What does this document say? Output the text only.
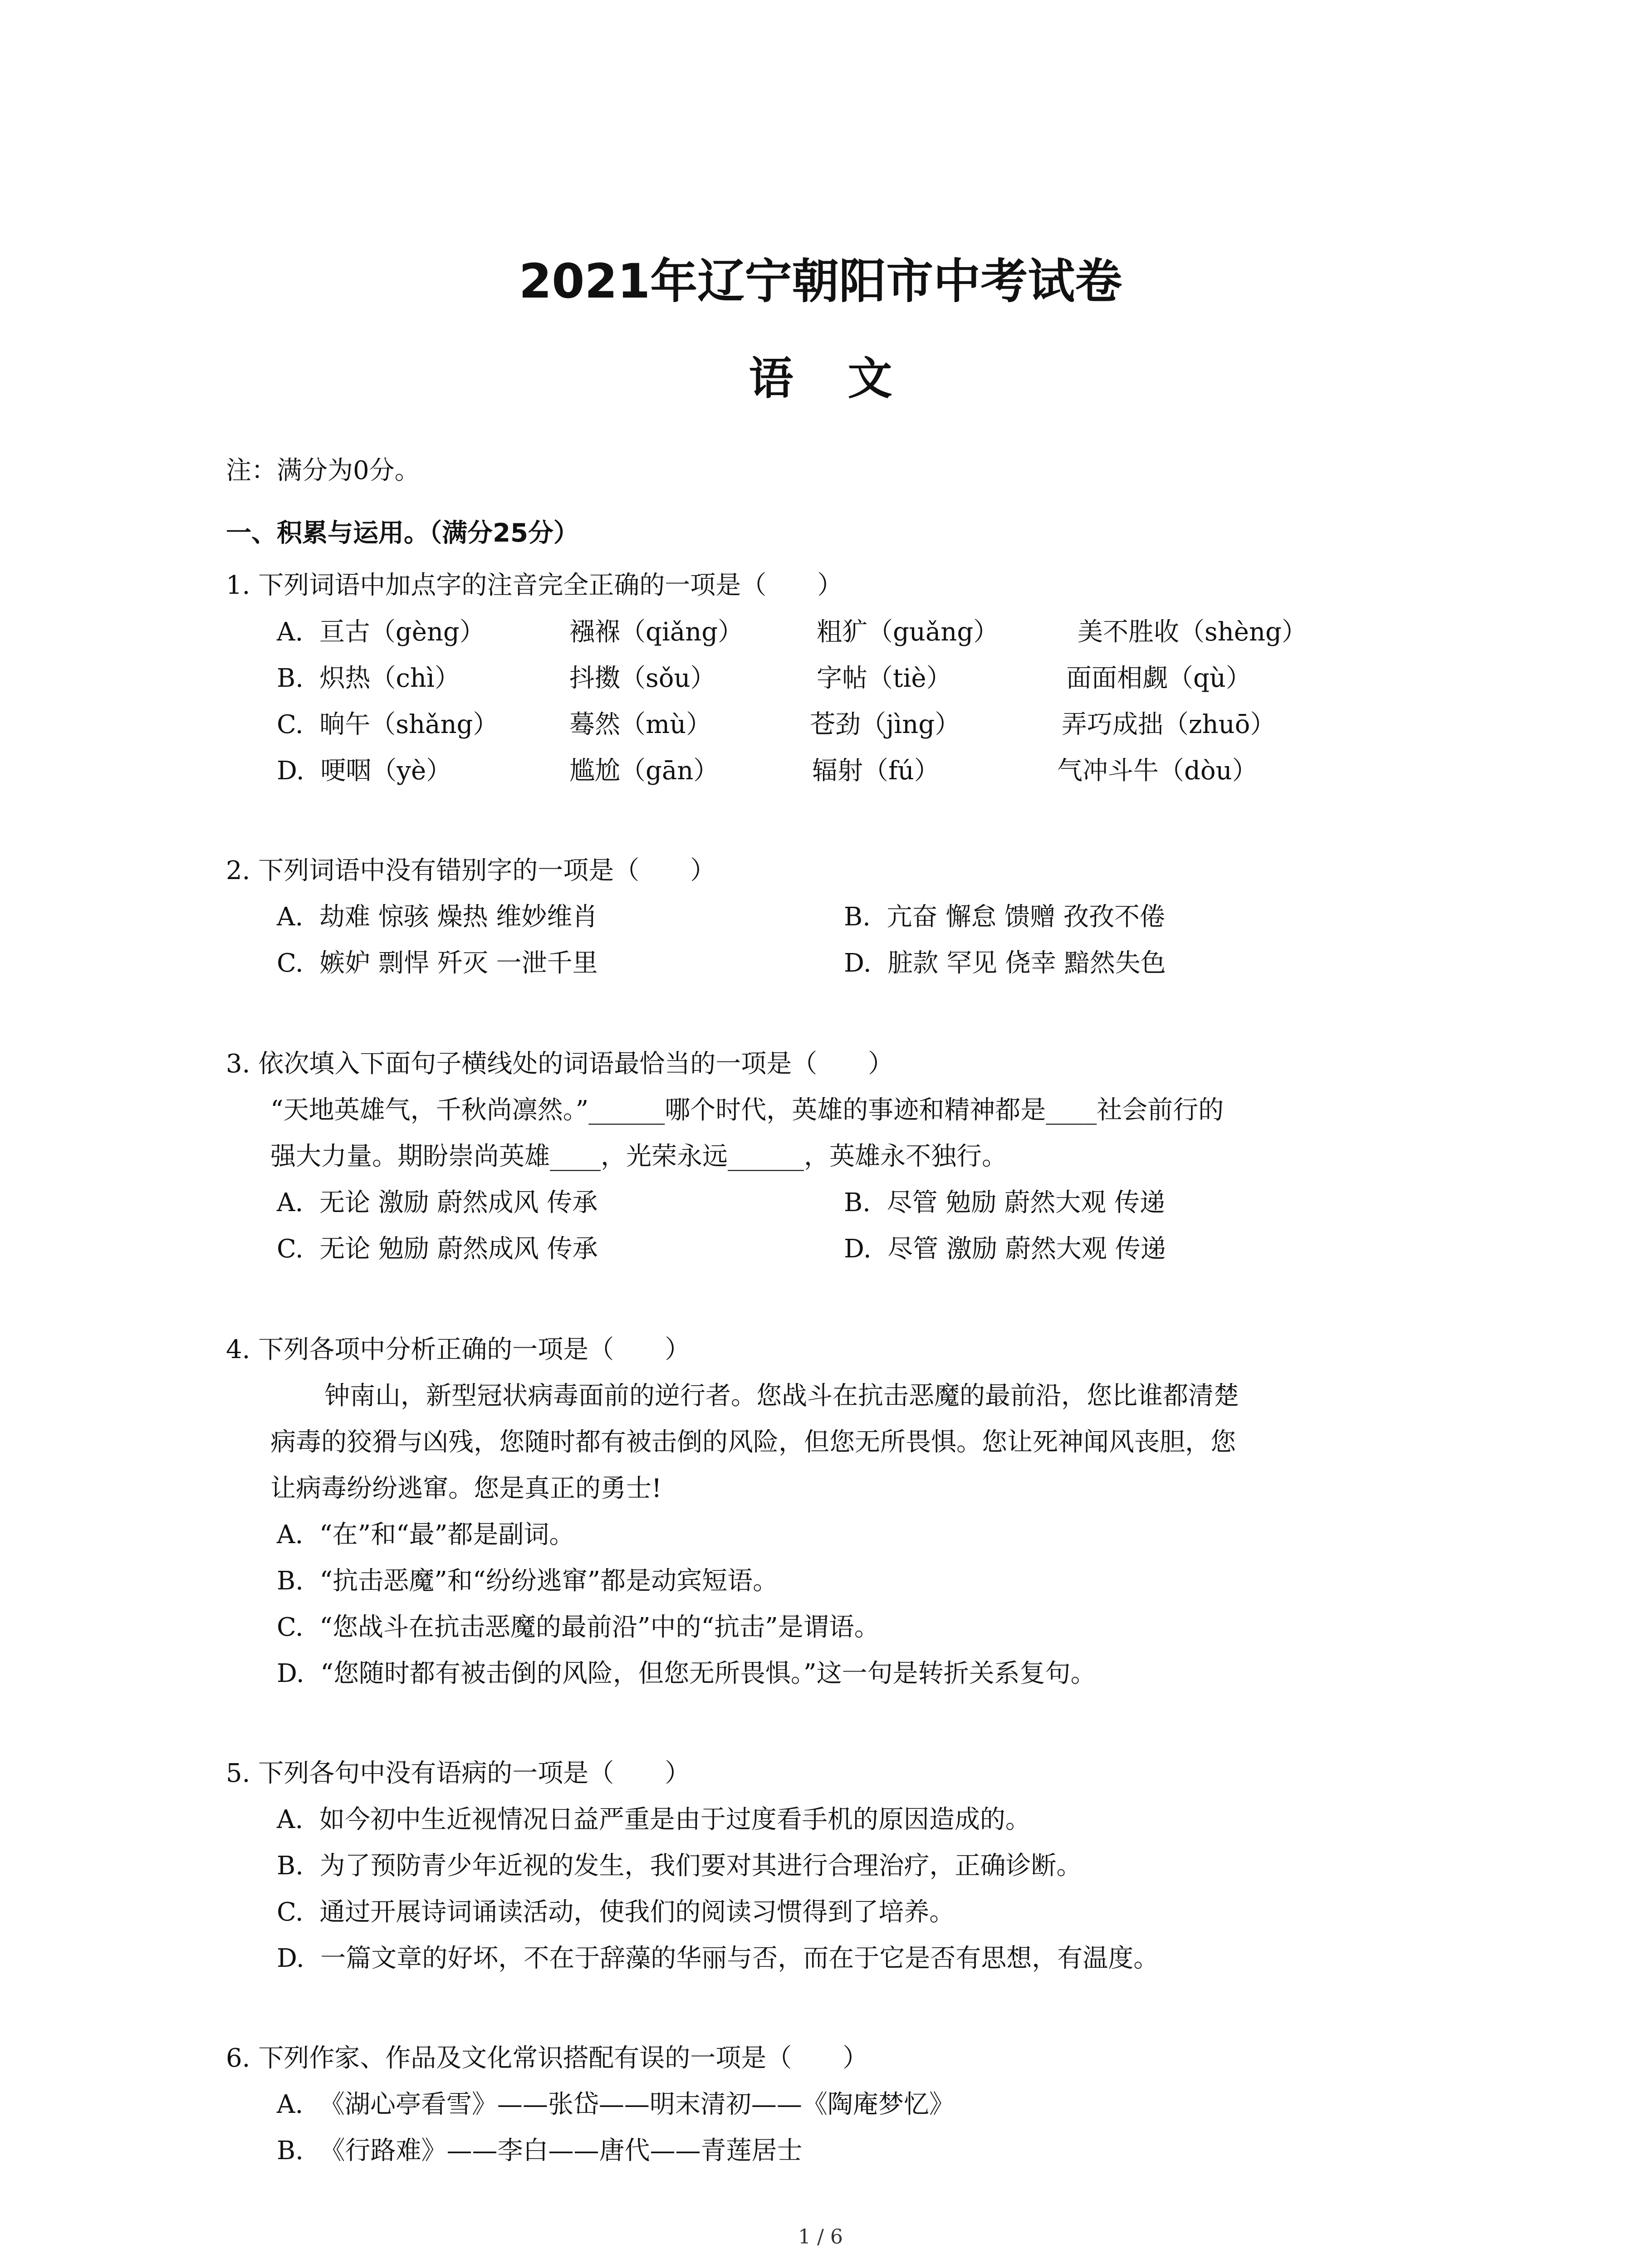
2021年辽宁朝阳市中考试卷
语文
注：满分为0分。
一、积累与运用。（满分25分）
1. 下列词语中加点字的注音完全正确的一项是（　　）
A.  亘古（gèng）	襁褓（qiǎng）	粗犷（guǎng）	美不胜收（shèng）
B.  炽热（chì）	抖擞（sǒu）	字帖（tiè）	面面相觑（qù）
C.  晌午（shǎng）	蓦然（mù）	苍劲（jìng）	弄巧成拙（zhuō）
D.  哽咽（yè）	尴尬（gān）	辐射（fú）	气冲斗牛（dòu）
2. 下列词语中没有错别字的一项是（　　）
A.  劫难 惊骇 燥热 维妙维肖	B.  亢奋 懈怠 馈赠 孜孜不倦
C.  嫉妒 剽悍 歼灭 一泄千里	D.  脏款 罕见 侥幸 黯然失色
3. 依次填入下面句子横线处的词语最恰当的一项是（　　）
“天地英雄气，千秋尚凛然。”______哪个时代，英雄的事迹和精神都是____社会前行的
强大力量。期盼崇尚英雄____，光荣永远______，英雄永不独行。
A.  无论 激励 蔚然成风 传承	B.  尽管 勉励 蔚然大观 传递
C.  无论 勉励 蔚然成风 传承	D.  尽管 激励 蔚然大观 传递
4. 下列各项中分析正确的一项是（　　）
钟南山，新型冠状病毒面前的逆行者。您战斗在抗击恶魔的最前沿，您比谁都清楚
病毒的狡猾与凶残，您随时都有被击倒的风险，但您无所畏惧。您让死神闻风丧胆，您
让病毒纷纷逃窜。您是真正的勇士!
A.  “在”和“最”都是副词。
B.  “抗击恶魔”和“纷纷逃窜”都是动宾短语。
C.  “您战斗在抗击恶魔的最前沿”中的“抗击”是谓语。
D.  “您随时都有被击倒的风险，但您无所畏惧。”这一句是转折关系复句。
5. 下列各句中没有语病的一项是（　　）
A.  如今初中生近视情况日益严重是由于过度看手机的原因造成的。
B.  为了预防青少年近视的发生，我们要对其进行合理治疗，正确诊断。
C.  通过开展诗词诵读活动，使我们的阅读习惯得到了培养。
D.  一篇文章的好坏，不在于辞藻的华丽与否，而在于它是否有思想，有温度。
6. 下列作家、作品及文化常识搭配有误的一项是（　　）
A.  《湖心亭看雪》——张岱——明末清初——《陶庵梦忆》
B.  《行路难》——李白——唐代——青莲居士
1 / 6
